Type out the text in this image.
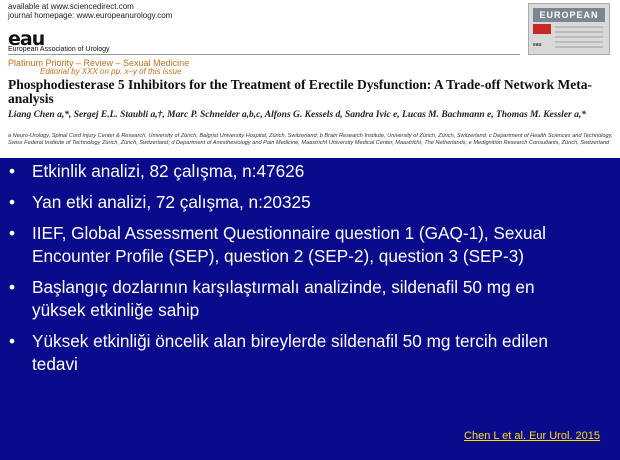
available at www.sciencedirect.com
journal homepage: www.europeanurology.com
eau
European Association of Urology
EUROPEAN
eau
Platinum Priority – Review – Sexual Medicine
Editorial by XXX on pp. x–y of this issue
Phosphodiesterase 5 Inhibitors for the Treatment of Erectile Dysfunction: A Trade-off Network Meta-analysis
Liang Chen a,*, Sergej E.L. Staubli a,†, Marc P. Schneider a,b,c, Alfons G. Kessels d, Sandra Ivic e, Lucas M. Bachmann e, Thomas M. Kessler a,*
a Neuro-Urology, Spinal Cord Injury Center & Research, University of Zürich, Balgrist University Hospital, Zürich, Switzerland; b Brain Research Institute, University of Zürich, Zürich, Switzerland; c Department of Health Sciences and Technology, Swiss Federal Institute of Technology Zürich, Zürich, Switzerland; d Department of Anesthesiology and Pain Medicine, Maastricht University Medical Center, Maastricht, The Netherlands; e Medignition Research Consultants, Zürich, Switzerland
• Etkinlik analizi, 82 çalışma, n:47626
• Yan etki analizi, 72 çalışma, n:20325
• IIEF, Global Assessment Questionnaire question 1 (GAQ-1), Sexual Encounter Profile (SEP), question 2 (SEP-2), question 3 (SEP-3)
• Başlangıç dozlarının karşılaştırmalı analizinde, sildenafil 50 mg en yüksek etkinliğe sahip
• Yüksek etkinliği öncelik alan bireylerde sildenafil 50 mg tercih edilen tedavi
Chen L et al. Eur Urol. 2015
